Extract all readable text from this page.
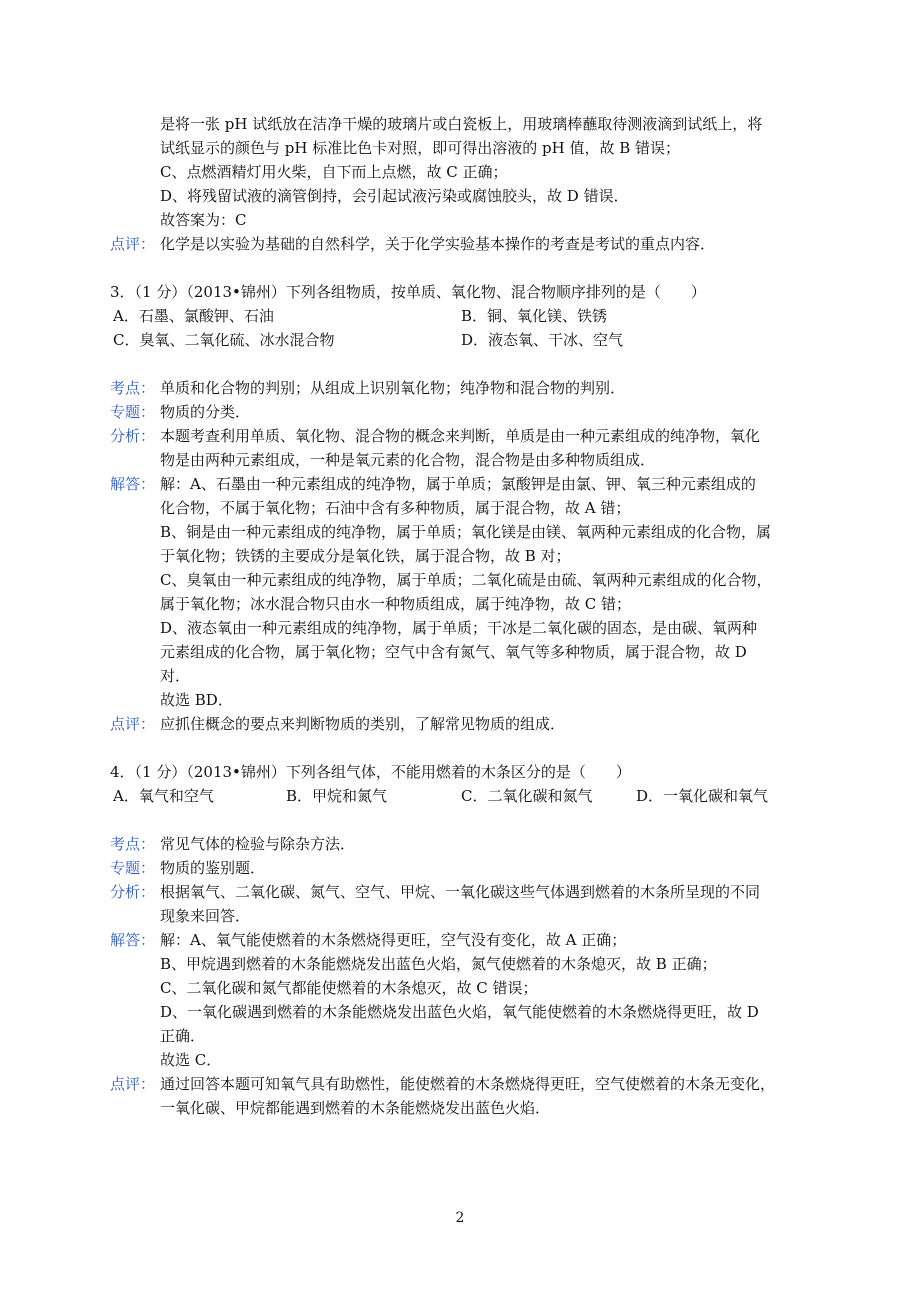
是将一张 pH 试纸放在洁净干燥的玻璃片或白瓷板上，用玻璃棒蘸取待测液滴到试纸上，将
试纸显示的颜色与 pH 标准比色卡对照，即可得出溶液的 pH 值，故 B 错误；
C、点燃酒精灯用火柴，自下而上点燃，故 C 正确；
D、将残留试液的滴管倒持，会引起试液污染或腐蚀胶头，故 D 错误．
故答案为：C
点评： 化学是以实验为基础的自然科学，关于化学实验基本操作的考查是考试的重点内容．
3．（1 分）（2013•锦州）下列各组物质，按单质、氧化物、混合物顺序排列的是（　　）
A．石墨、氯酸钾、石油	B．铜、氧化镁、铁锈
C．臭氧、二氧化硫、冰水混合物	D．液态氧、干冰、空气
考点： 单质和化合物的判别；从组成上识别氧化物；纯净物和混合物的判别．
专题： 物质的分类．
分析： 本题考查利用单质、氧化物、混合物的概念来判断，单质是由一种元素组成的纯净物，氧化
物是由两种元素组成，一种是氧元素的化合物，混合物是由多种物质组成．
解答： 解：A、石墨由一种元素组成的纯净物，属于单质；氯酸钾是由氯、钾、氧三种元素组成的
化合物，不属于氧化物；石油中含有多种物质，属于混合物，故 A 错；
B、铜是由一种元素组成的纯净物，属于单质；氧化镁是由镁、氧两种元素组成的化合物，属
于氧化物；铁锈的主要成分是氧化铁，属于混合物，故 B 对；
C、臭氧由一种元素组成的纯净物，属于单质；二氧化硫是由硫、氧两种元素组成的化合物，
属于氧化物；冰水混合物只由水一种物质组成，属于纯净物，故 C 错；
D、液态氧由一种元素组成的纯净物，属于单质；干冰是二氧化碳的固态，是由碳、氧两种
元素组成的化合物，属于氧化物；空气中含有氮气、氧气等多种物质，属于混合物，故 D
对．
故选 BD．
点评： 应抓住概念的要点来判断物质的类别，了解常见物质的组成．
4．（1 分）（2013•锦州）下列各组气体，不能用燃着的木条区分的是（　　）
A．氧气和空气	B．甲烷和氮气	C．二氧化碳和氮气	D．一氧化碳和氧气
考点： 常见气体的检验与除杂方法．
专题： 物质的鉴别题．
分析： 根据氧气、二氧化碳、氮气、空气、甲烷、一氧化碳这些气体遇到燃着的木条所呈现的不同
现象来回答．
解答： 解：A、氧气能使燃着的木条燃烧得更旺，空气没有变化，故 A 正确；
B、甲烷遇到燃着的木条能燃烧发出蓝色火焰，氮气使燃着的木条熄灭，故 B 正确；
C、二氧化碳和氮气都能使燃着的木条熄灭，故 C 错误；
D、一氧化碳遇到燃着的木条能燃烧发出蓝色火焰，氧气能使燃着的木条燃烧得更旺，故 D
正确．
故选 C．
点评： 通过回答本题可知氧气具有助燃性，能使燃着的木条燃烧得更旺，空气使燃着的木条无变化，
一氧化碳、甲烷都能遇到燃着的木条能燃烧发出蓝色火焰．
2
